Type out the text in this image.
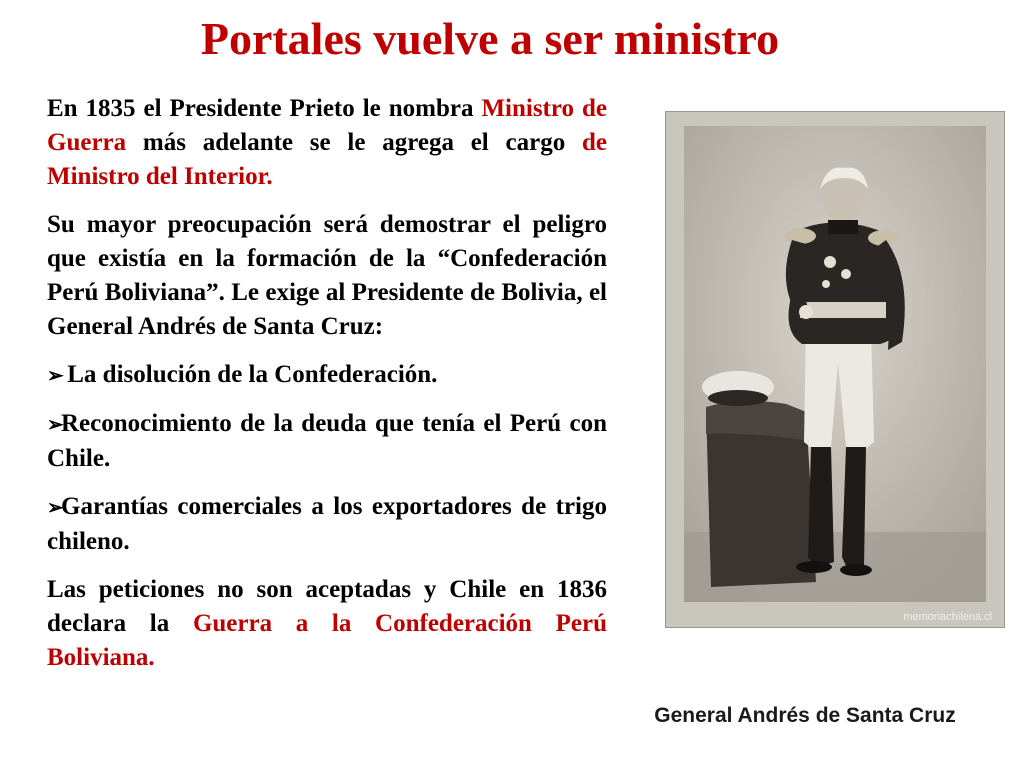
Portales vuelve a ser ministro

En 1835 el Presidente Prieto le nombra Ministro de Guerra más adelante se le agrega el cargo de Ministro del Interior.

Su mayor preocupación será demostrar el peligro que existía en la formación de la “Confederación Perú Boliviana”. Le exige al Presidente de Bolivia, el General Andrés de Santa Cruz:

➢ La disolución de la Confederación.

➢Reconocimiento de la deuda que tenía el Perú con Chile.

➢Garantías comerciales a los exportadores de trigo chileno.

Las peticiones no son aceptadas y Chile en 1836 declara la Guerra a la Confederación Perú Boliviana.

memoriachilena.cl
General Andrés de Santa Cruz
